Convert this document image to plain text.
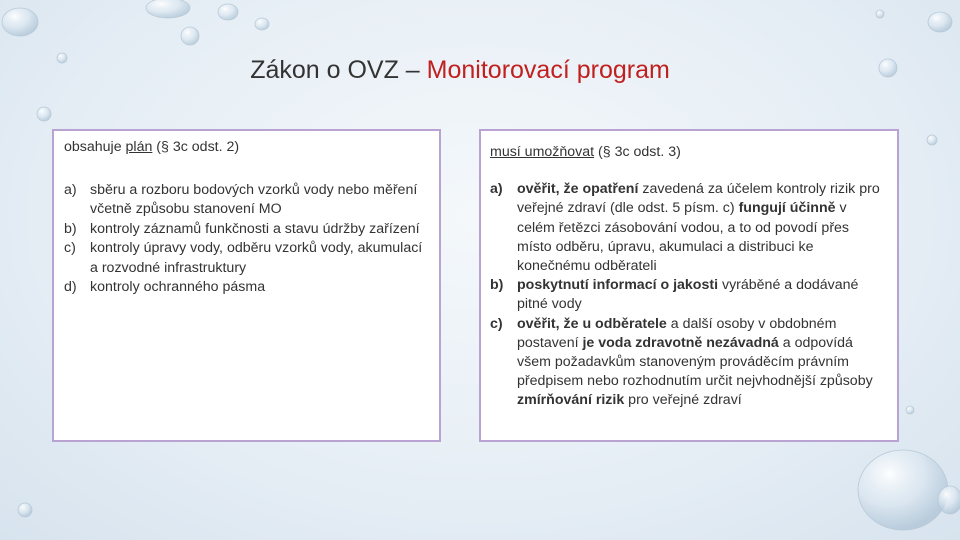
Zákon o OVZ – Monitorovací program
obsahuje plán (§ 3c odst. 2)
a) sběru a rozboru bodových vzorků vody nebo měření včetně způsobu stanovení MO
b) kontroly záznamů funkčnosti a stavu údržby zařízení
c) kontroly úpravy vody, odběru vzorků vody, akumulací a rozvodné infrastruktury
d) kontroly ochranného pásma
musí umožňovat (§ 3c odst. 3)
a) ověřit, že opatření zavedená za účelem kontroly rizik pro veřejné zdraví (dle odst. 5 písm. c) fungují účinně v celém řetězci zásobování vodou, a to od povodí přes místo odběru, úpravu, akumulaci a distribuci ke konečnému odběrateli
b) poskytnutí informací o jakosti vyráběné a dodávané pitné vody
c) ověřit, že u odběratele a další osoby v obdobném postavení je voda zdravotně nezávadná a odpovídá všem požadavkům stanoveným prováděcím právním předpisem nebo rozhodnutím určit nejvhodnější způsoby zmírňování rizik pro veřejné zdraví
